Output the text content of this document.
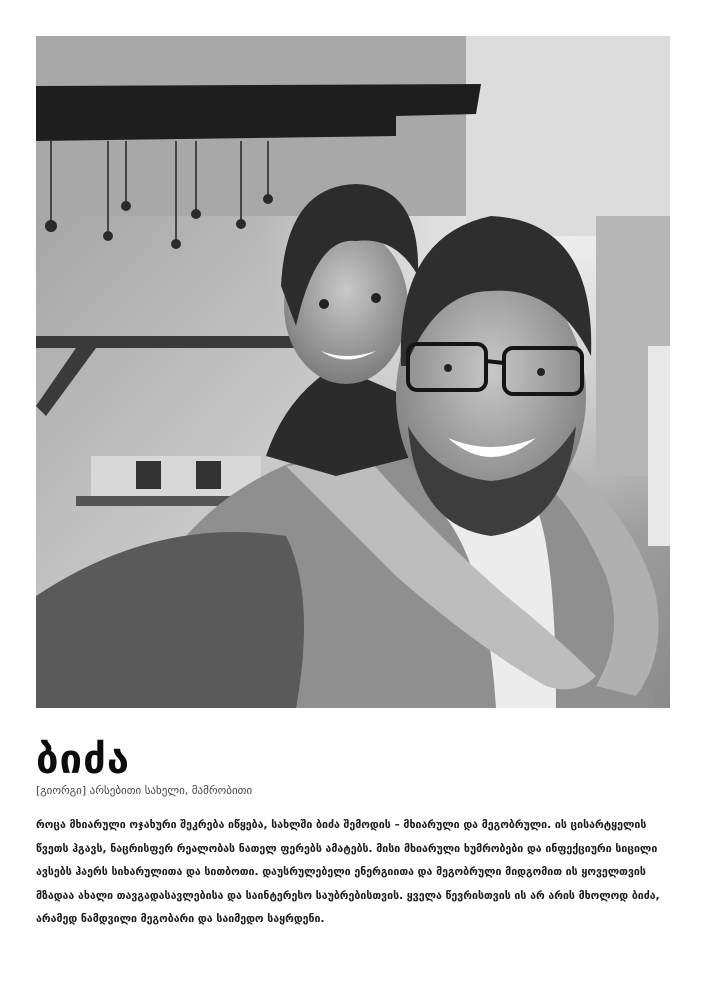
ბიძა

[გიორგი] არსებითი სახელი, მამრობითი

როცა მხიარული ოჯახური შეკრება იწყება, სახლში ბიძა შემოდის – მხიარული და მეგობრული. ის ცისარტყელის წვეთს ჰგავს, ნაცრისფერ რეალობას ნათელ ფერებს ამატებს. მისი მხიარული ხუმრობები და ინფექციური სიცილი ავსებს ჰაერს სიხარულითა და სითბოთი. დაუსრულებელი ენერგიითა და მეგობრული მიდგომით ის ყოველთვის მზადაა ახალი თავგადასავლებისა და საინტერესო საუბრებისთვის. ყველა წევრისთვის ის არ არის მხოლოდ ბიძა, არამედ ნამდვილი მეგობარი და საიმედო საყრდენი.
